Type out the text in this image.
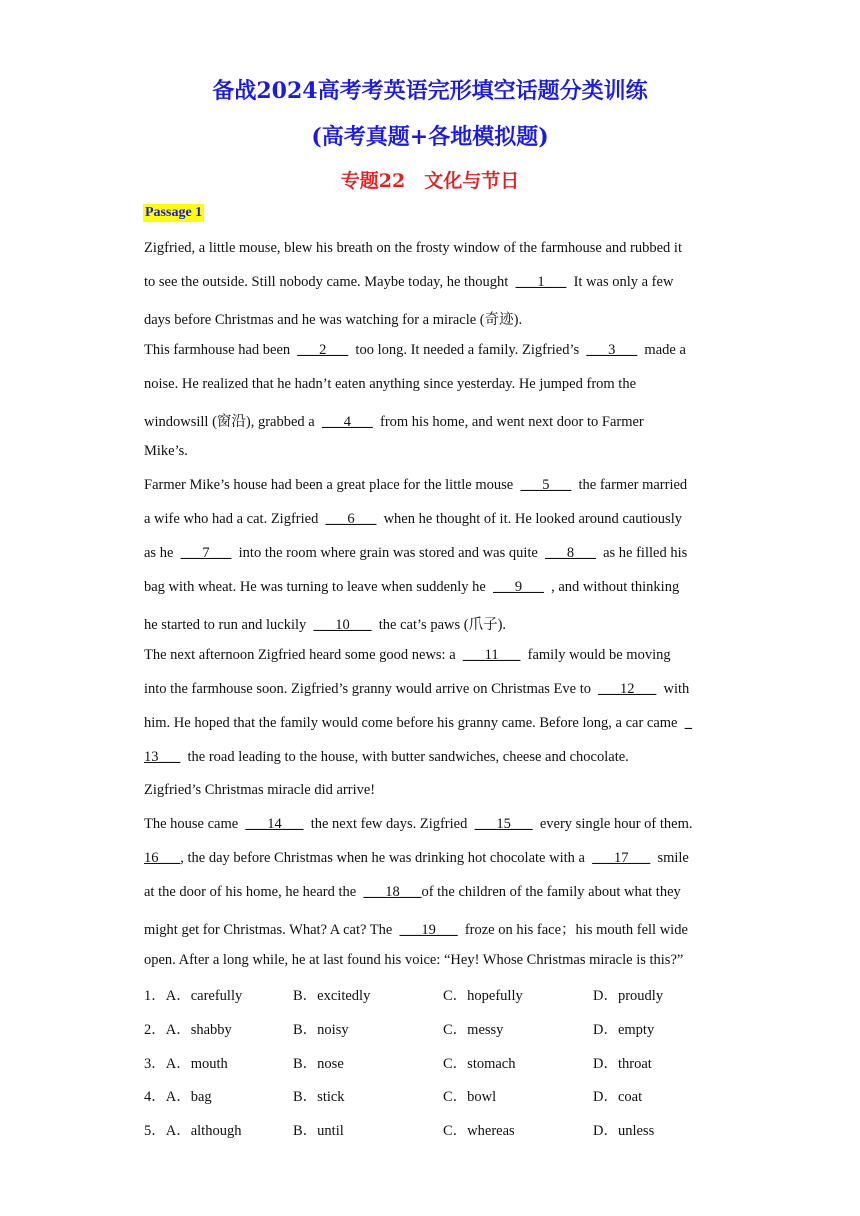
备战2024高考考英语完形填空话题分类训练
(高考真题+各地模拟题)
专题22　文化与节日
Passage 1
Zigfried, a little mouse, blew his breath on the frosty window of the farmhouse and rubbed it
to see the outside. Still nobody came. Maybe today, he thought  ___1___  It was only a few
days before Christmas and he was watching for a miracle (奇迹).
This farmhouse had been  ___2___  too long. It needed a family. Zigfried’s  ___3___  made a
noise. He realized that he hadn’t eaten anything since yesterday. He jumped from the
windowsill (窗沿), grabbed a  ___4___  from his home, and went next door to Farmer
Mike’s.
Farmer Mike’s house had been a great place for the little mouse  ___5___  the farmer married
a wife who had a cat. Zigfried  ___6___  when he thought of it. He looked around cautiously
as he  ___7___  into the room where grain was stored and was quite  ___8___  as he filled his
bag with wheat. He was turning to leave when suddenly he  ___9___  , and without thinking
he started to run and luckily  ___10___  the cat’s paws (爪子).
The next afternoon Zigfried heard some good news: a  ___11___  family would be moving
into the farmhouse soon. Zigfried’s granny would arrive on Christmas Eve to  ___12___  with
him. He hoped that the family would come before his granny came. Before long, a car came  _
13___  the road leading to the house, with butter sandwiches, cheese and chocolate.
Zigfried’s Christmas miracle did arrive!
The house came  ___14___  the next few days. Zigfried  ___15___  every single hour of them.
16___, the day before Christmas when he was drinking hot chocolate with a  ___17___  smile
at the door of his home, he heard the  ___18___of the children of the family about what they
might get for Christmas. What? A cat? The  ___19___  froze on his face；his mouth fell wide
open. After a long while, he at last found his voice: “Hey! Whose Christmas miracle is this?”
1．A．carefully	B．excitedly	C．hopefully	D．proudly
2．A．shabby	B．noisy	C．messy	D．empty
3．A．mouth	B．nose	C．stomach	D．throat
4．A．bag	B．stick	C．bowl	D．coat
5．A．although	B．until	C．whereas	D．unless
